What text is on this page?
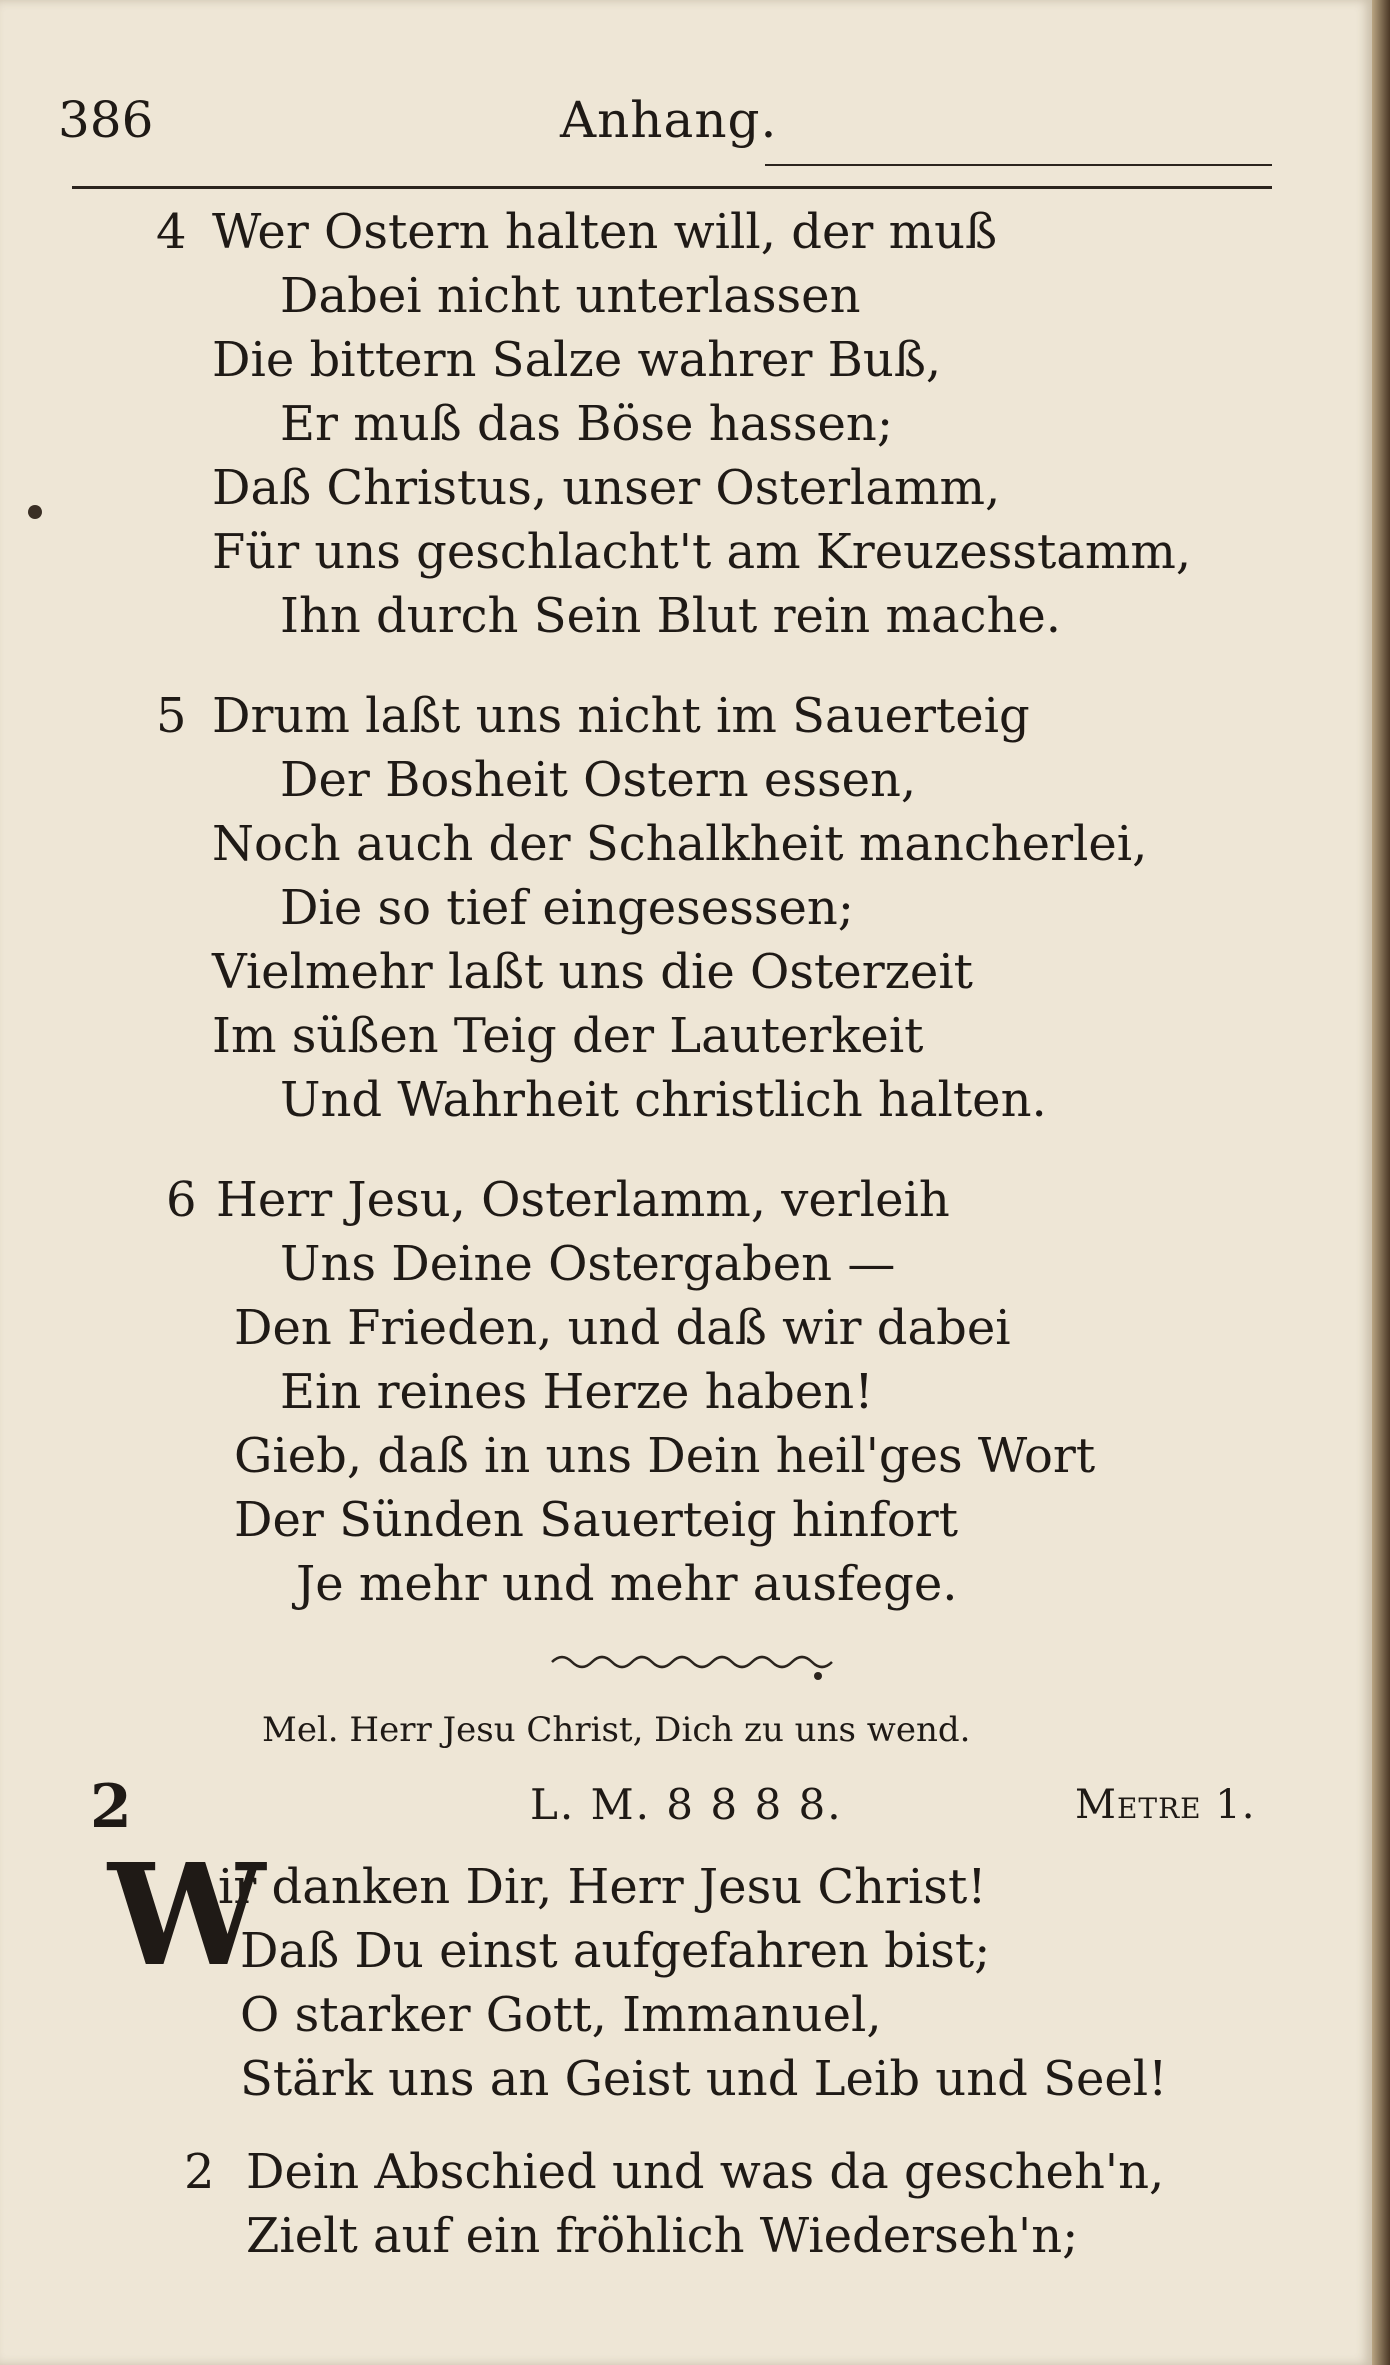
386	Anhang.
4 Wer Ostern halten will, der muß
Dabei nicht unterlassen
Die bittern Salze wahrer Buß,
Er muß das Böse hassen;
Daß Christus, unser Osterlamm,
Für uns geschlacht't am Kreuzesstamm,
Ihn durch Sein Blut rein mache.
5 Drum laßt uns nicht im Sauerteig
Der Bosheit Ostern essen,
Noch auch der Schalkheit mancherlei,
Die so tief eingesessen;
Vielmehr laßt uns die Osterzeit
Im süßen Teig der Lauterkeit
Und Wahrheit christlich halten.
6 Herr Jesu, Osterlamm, verleih
Uns Deine Ostergaben —
Den Frieden, und daß wir dabei
Ein reines Herze haben!
Gieb, daß in uns Dein heil'ges Wort
Der Sünden Sauerteig hinfort
Je mehr und mehr ausfege.
Mel. Herr Jesu Christ, Dich zu uns wend.
2	L. M. 8 8 8 8.	Metre 1.
W
ir danken Dir, Herr Jesu Christ!
Daß Du einst aufgefahren bist;
O starker Gott, Immanuel,
Stärk uns an Geist und Leib und Seel!
2 Dein Abschied und was da gescheh'n,
Zielt auf ein fröhlich Wiederseh'n;
